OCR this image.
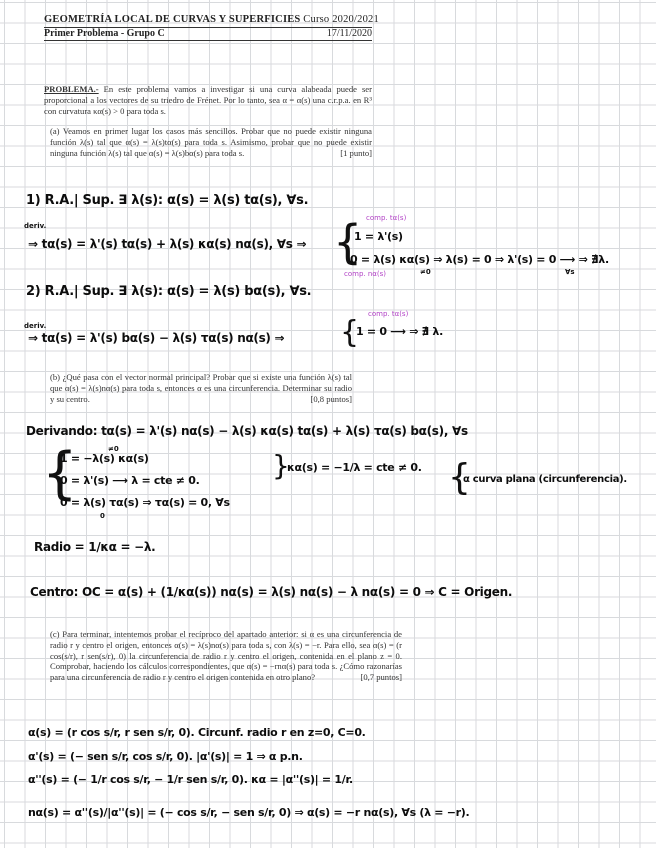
GEOMETRÍA LOCAL DE CURVAS Y SUPERFICIES Curso 2020/2021
Primer Problema - Grupo C	17/11/2020
PROBLEMA.- En este problema vamos a investigar si una curva alabeada puede ser proporcional a los vectores de su triedro de Frénet. Por lo tanto, sea α = α(s) una c.r.p.a. en R³ con curvatura κα(s) > 0 para toda s.
(a) Veamos en primer lugar los casos más sencillos. Probar que no puede existir ninguna función λ(s) tal que α(s) = λ(s)tα(s) para toda s. Asimismo, probar que no puede existir ninguna función λ(s) tal que α(s) = λ(s)bα(s) para toda s.	[1 punto]
1) R.A.| Sup. ∃ λ(s): α(s) = λ(s) tα(s), ∀s.
deriv.
comp. tα(s)
⇒ tα(s) = λ'(s) tα(s) + λ(s) κα(s) nα(s), ∀s ⇒ {
1 = λ'(s)
0 = λ(s) κα(s) ⇒ λ(s) = 0 ⇒ λ'(s) = 0 ⟶ ⇒ ∄λ.
≠0	∀s
comp. nα(s)
2) R.A.| Sup. ∃ λ(s): α(s) = λ(s) bα(s), ∀s.
deriv.
comp. tα(s)
⇒ tα(s) = λ'(s) bα(s) − λ(s) τα(s) nα(s) ⇒ {
1 = 0 ⟶ ⇒ ∄ λ.
(b) ¿Qué pasa con el vector normal principal? Probar que si existe una función λ(s) tal que α(s) = λ(s)nα(s) para toda s, entonces α es una circunferencia. Determinar su radio y su centro.	[0,8 puntos]
Derivando: tα(s) = λ'(s) nα(s) − λ(s) κα(s) tα(s) + λ(s) τα(s) bα(s), ∀s
{
1 = −λ(s) κα(s)
0 = λ'(s) ⟶ λ = cte ≠ 0.
0 = λ(s) τα(s) ⇒ τα(s) = 0, ∀s
≠0
0
}
κα(s) = −1/λ = cte ≠ 0. {
α curva plana (circunferencia).
Radio = 1/κα = −λ.
Centro: OC = α(s) + (1/κα(s)) nα(s) = λ(s) nα(s) − λ nα(s) = 0 ⇒ C = Origen.
(c) Para terminar, intentemos probar el recíproco del apartado anterior: si α es una circunferencia de radio r y centro el origen, entonces α(s) = λ(s)nα(s) para toda s, con λ(s) = −r. Para ello, sea α(s) = (r cos(s/r), r sen(s/r), 0) la circunferencia de radio r y centro el origen, contenida en el plano z = 0. Comprobar, haciendo los cálculos correspondientes, que α(s) = −rnα(s) para toda s. ¿Cómo razonarías para una circunferencia de radio r y centro el origen contenida en otro plano?	[0,7 puntos]
α(s) = (r cos s/r, r sen s/r, 0). Circunf. radio r en z=0, C=0.
α'(s) = (− sen s/r, cos s/r, 0). |α'(s)| = 1 ⇒ α p.n.
α''(s) = (− 1/r cos s/r, − 1/r sen s/r, 0). κα = |α''(s)| = 1/r.
nα(s) = α''(s)/|α''(s)| = (− cos s/r, − sen s/r, 0) ⇒ α(s) = −r nα(s), ∀s (λ = −r).
